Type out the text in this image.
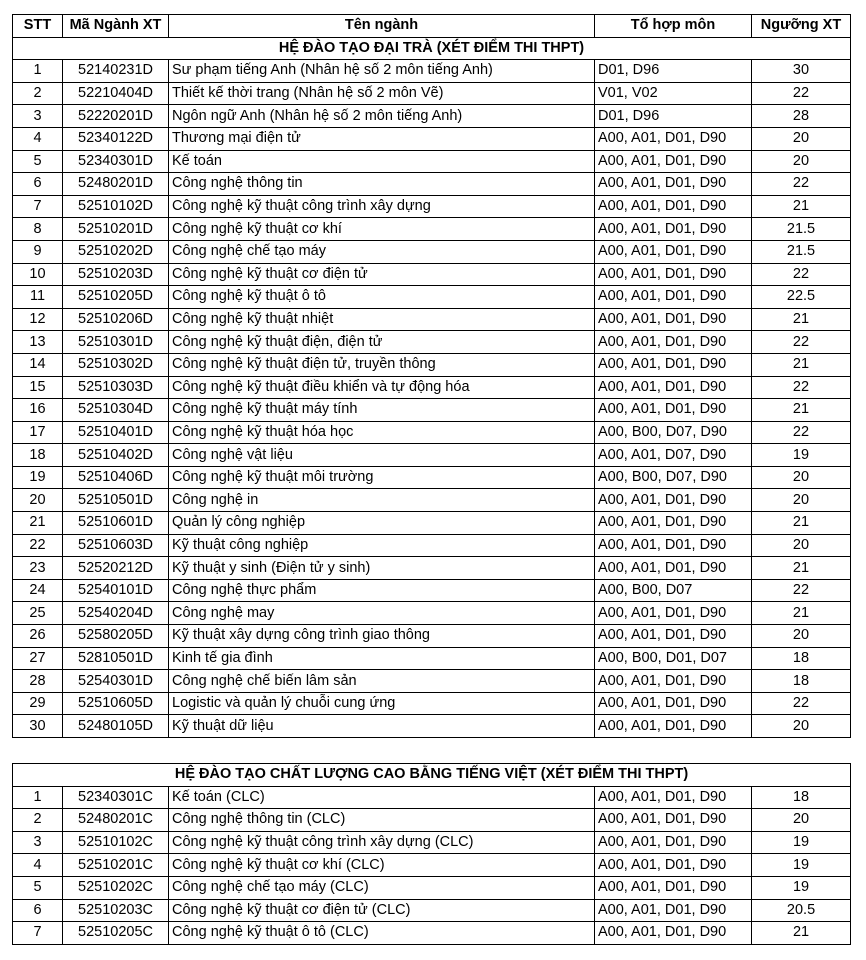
STT	Mã Ngành XT	Tên ngành	Tổ hợp môn	Ngưỡng XT
HỆ ĐÀO TẠO ĐẠI TRÀ (XÉT ĐIỂM THI THPT)				
1	52140231D	Sư phạm tiếng Anh (Nhân hệ số 2 môn tiếng Anh)	D01, D96	30
2	52210404D	Thiết kế thời trang (Nhân hệ số 2 môn Vẽ)	V01, V02	22
3	52220201D	Ngôn ngữ Anh (Nhân hệ số 2 môn tiếng Anh)	D01, D96	28
4	52340122D	Thương mại điện tử	A00, A01, D01, D90	20
5	52340301D	Kế toán	A00, A01, D01, D90	20
6	52480201D	Công nghệ thông tin	A00, A01, D01, D90	22
7	52510102D	Công nghệ kỹ thuật công trình xây dựng	A00, A01, D01, D90	21
8	52510201D	Công nghệ kỹ thuật cơ khí	A00, A01, D01, D90	21.5
9	52510202D	Công nghệ chế tạo máy	A00, A01, D01, D90	21.5
10	52510203D	Công nghệ kỹ thuật cơ điện tử	A00, A01, D01, D90	22
11	52510205D	Công nghệ kỹ thuật ô tô	A00, A01, D01, D90	22.5
12	52510206D	Công nghệ kỹ thuật nhiệt	A00, A01, D01, D90	21
13	52510301D	Công nghệ kỹ thuật điện, điện tử	A00, A01, D01, D90	22
14	52510302D	Công nghệ kỹ thuật điện tử, truyền thông	A00, A01, D01, D90	21
15	52510303D	Công nghệ kỹ thuật điều khiển và tự động hóa	A00, A01, D01, D90	22
16	52510304D	Công nghệ kỹ thuật máy tính	A00, A01, D01, D90	21
17	52510401D	Công nghệ kỹ thuật hóa học	A00, B00, D07, D90	22
18	52510402D	Công nghệ vật liệu	A00, A01, D07, D90	19
19	52510406D	Công nghệ kỹ thuật môi trường	A00, B00, D07, D90	20
20	52510501D	Công nghệ in	A00, A01, D01, D90	20
21	52510601D	Quản lý công nghiệp	A00, A01, D01, D90	21
22	52510603D	Kỹ thuật công nghiệp	A00, A01, D01, D90	20
23	52520212D	Kỹ thuật y sinh (Điện tử y sinh)	A00, A01, D01, D90	21
24	52540101D	Công nghệ thực phẩm	A00, B00, D07	22
25	52540204D	Công nghệ may	A00, A01, D01, D90	21
26	52580205D	Kỹ thuật xây dựng công trình giao thông	A00, A01, D01, D90	20
27	52810501D	Kinh tế gia đình	A00, B00, D01, D07	18
28	52540301D	Công nghệ chế biến lâm sản	A00, A01, D01, D90	18
29	52510605D	Logistic và quản lý chuỗi cung ứng	A00, A01, D01, D90	22
30	52480105D	Kỹ thuật dữ liệu	A00, A01, D01, D90	20
HỆ ĐÀO TẠO CHẤT LƯỢNG CAO BẰNG TIẾNG VIỆT (XÉT ĐIỂM THI THPT)				
1	52340301C	Kế toán (CLC)	A00, A01, D01, D90	18
2	52480201C	Công nghệ thông tin (CLC)	A00, A01, D01, D90	20
3	52510102C	Công nghệ kỹ thuật công trình xây dựng (CLC)	A00, A01, D01, D90	19
4	52510201C	Công nghệ kỹ thuật cơ khí (CLC)	A00, A01, D01, D90	19
5	52510202C	Công nghệ chế tạo máy (CLC)	A00, A01, D01, D90	19
6	52510203C	Công nghệ kỹ thuật cơ điện tử (CLC)	A00, A01, D01, D90	20.5
7	52510205C	Công nghệ kỹ thuật ô tô (CLC)	A00, A01, D01, D90	21
